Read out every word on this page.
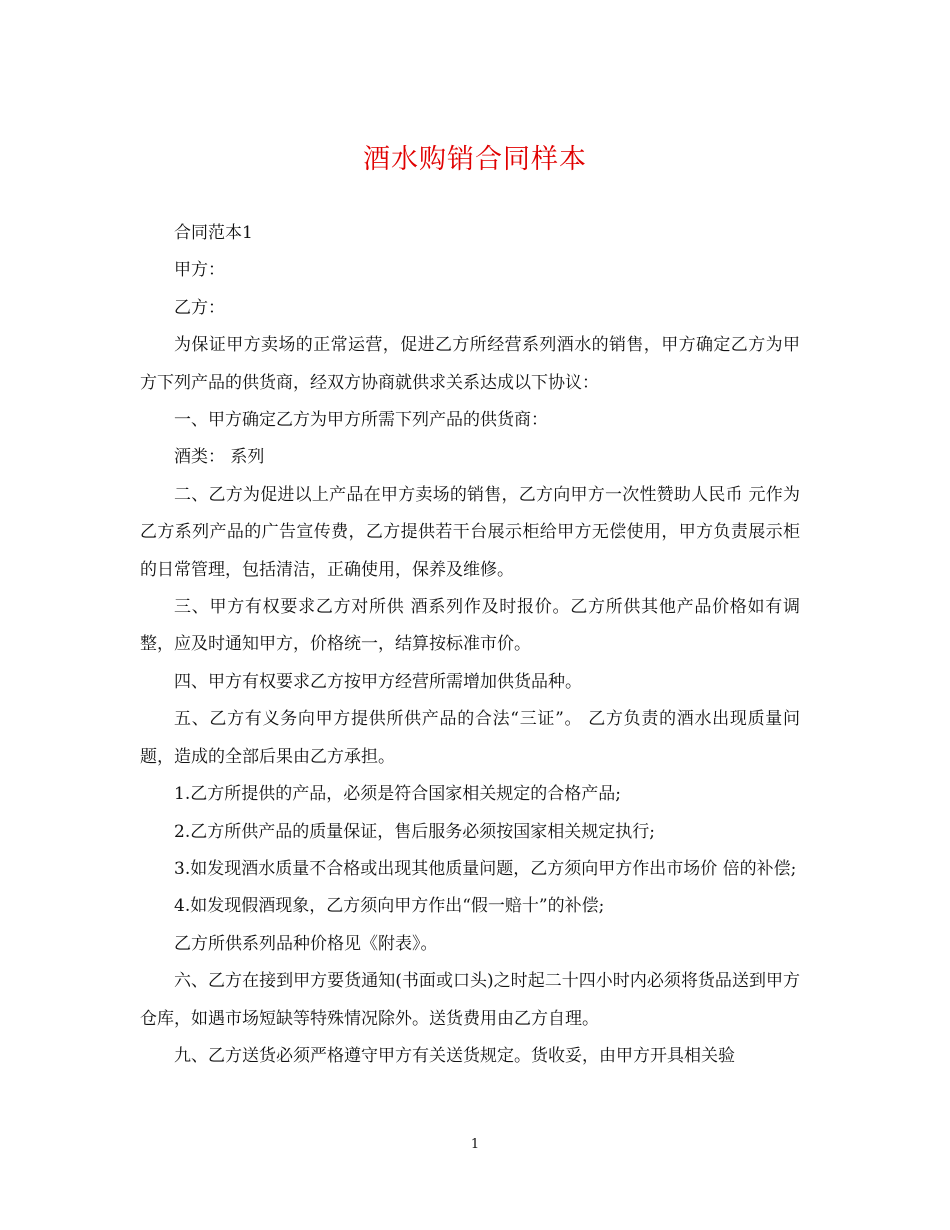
酒水购销合同样本

合同范本1

甲方：

乙方：

为保证甲方卖场的正常运营，促进乙方所经营系列酒水的销售，甲方确定乙方为甲方下列产品的供货商，经双方协商就供求关系达成以下协议：

一、甲方确定乙方为甲方所需下列产品的供货商：

酒类： 系列

二、乙方为促进以上产品在甲方卖场的销售，乙方向甲方一次性赞助人民币 元作为乙方系列产品的广告宣传费，乙方提供若干台展示柜给甲方无偿使用，甲方负责展示柜的日常管理，包括清洁，正确使用，保养及维修。

三、甲方有权要求乙方对所供 酒系列作及时报价。乙方所供其他产品价格如有调整，应及时通知甲方，价格统一，结算按标准市价。

四、甲方有权要求乙方按甲方经营所需增加供货品种。

五、乙方有义务向甲方提供所供产品的合法“三证”。 乙方负责的酒水出现质量问题，造成的全部后果由乙方承担。

1.乙方所提供的产品，必须是符合国家相关规定的合格产品;

2.乙方所供产品的质量保证，售后服务必须按国家相关规定执行;

3.如发现酒水质量不合格或出现其他质量问题，乙方须向甲方作出市场价 倍的补偿;

4.如发现假酒现象，乙方须向甲方作出“假一赔十”的补偿;

乙方所供系列品种价格见《附表》。

六、乙方在接到甲方要货通知(书面或口头)之时起二十四小时内必须将货品送到甲方仓库，如遇市场短缺等特殊情况除外。送货费用由乙方自理。

九、乙方送货必须严格遵守甲方有关送货规定。货收妥，由甲方开具相关验

1
